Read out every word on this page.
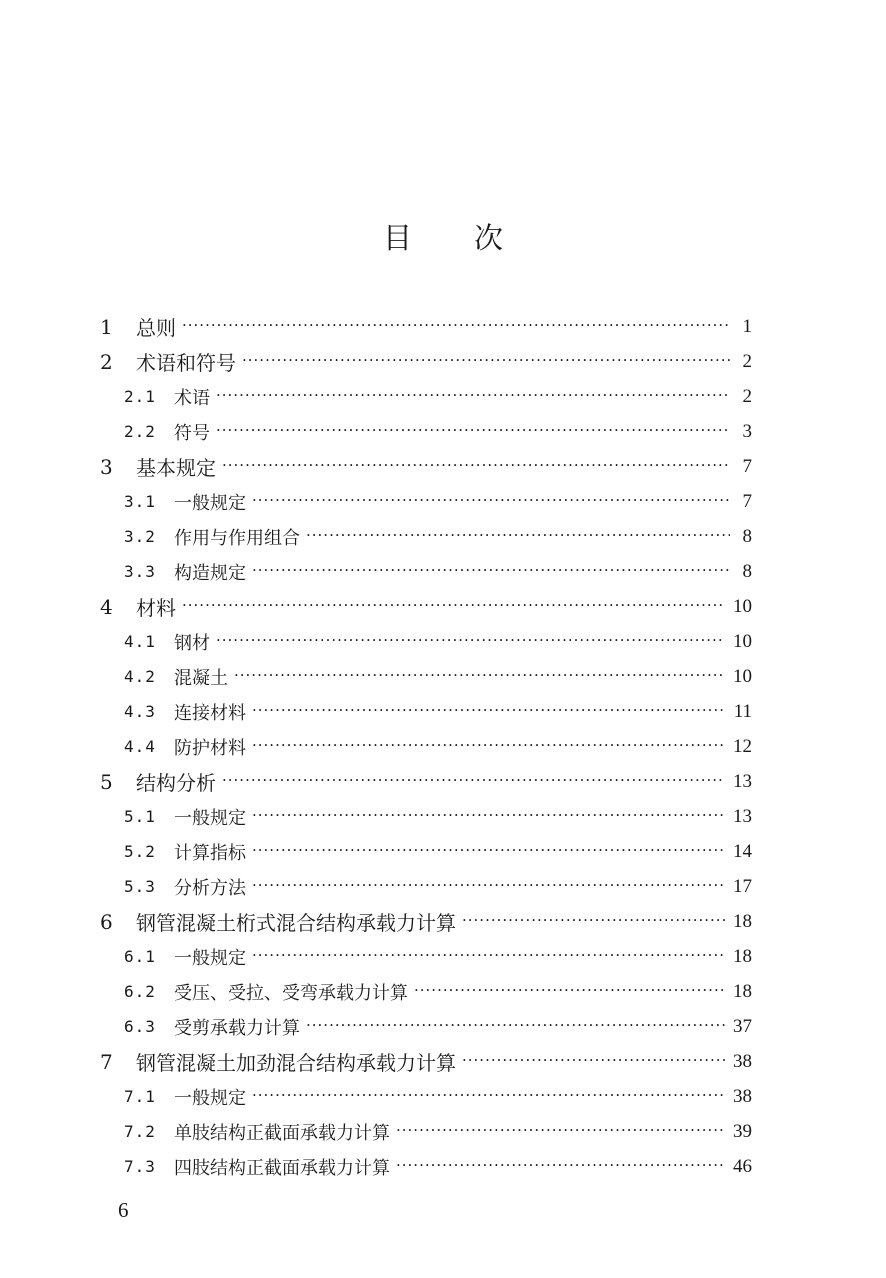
目 次
1	总则 ·····	1
2	术语和符号 ·····	2
2.1	术语 ·····	2
2.2	符号 ·····	3
3	基本规定 ·····	7
3.1	一般规定 ·····	7
3.2	作用与作用组合 ·····	8
3.3	构造规定 ·····	8
4	材料 ·····	10
4.1	钢材 ·····	10
4.2	混凝土 ·····	10
4.3	连接材料 ·····	11
4.4	防护材料 ·····	12
5	结构分析 ·····	13
5.1	一般规定 ·····	13
5.2	计算指标 ·····	14
5.3	分析方法 ·····	17
6	钢管混凝土桁式混合结构承载力计算 ·····	18
6.1	一般规定 ·····	18
6.2	受压、受拉、受弯承载力计算 ·····	18
6.3	受剪承载力计算 ·····	37
7	钢管混凝土加劲混合结构承载力计算 ·····	38
7.1	一般规定 ·····	38
7.2	单肢结构正截面承载力计算 ·····	39
7.3	四肢结构正截面承载力计算 ·····	46
6
